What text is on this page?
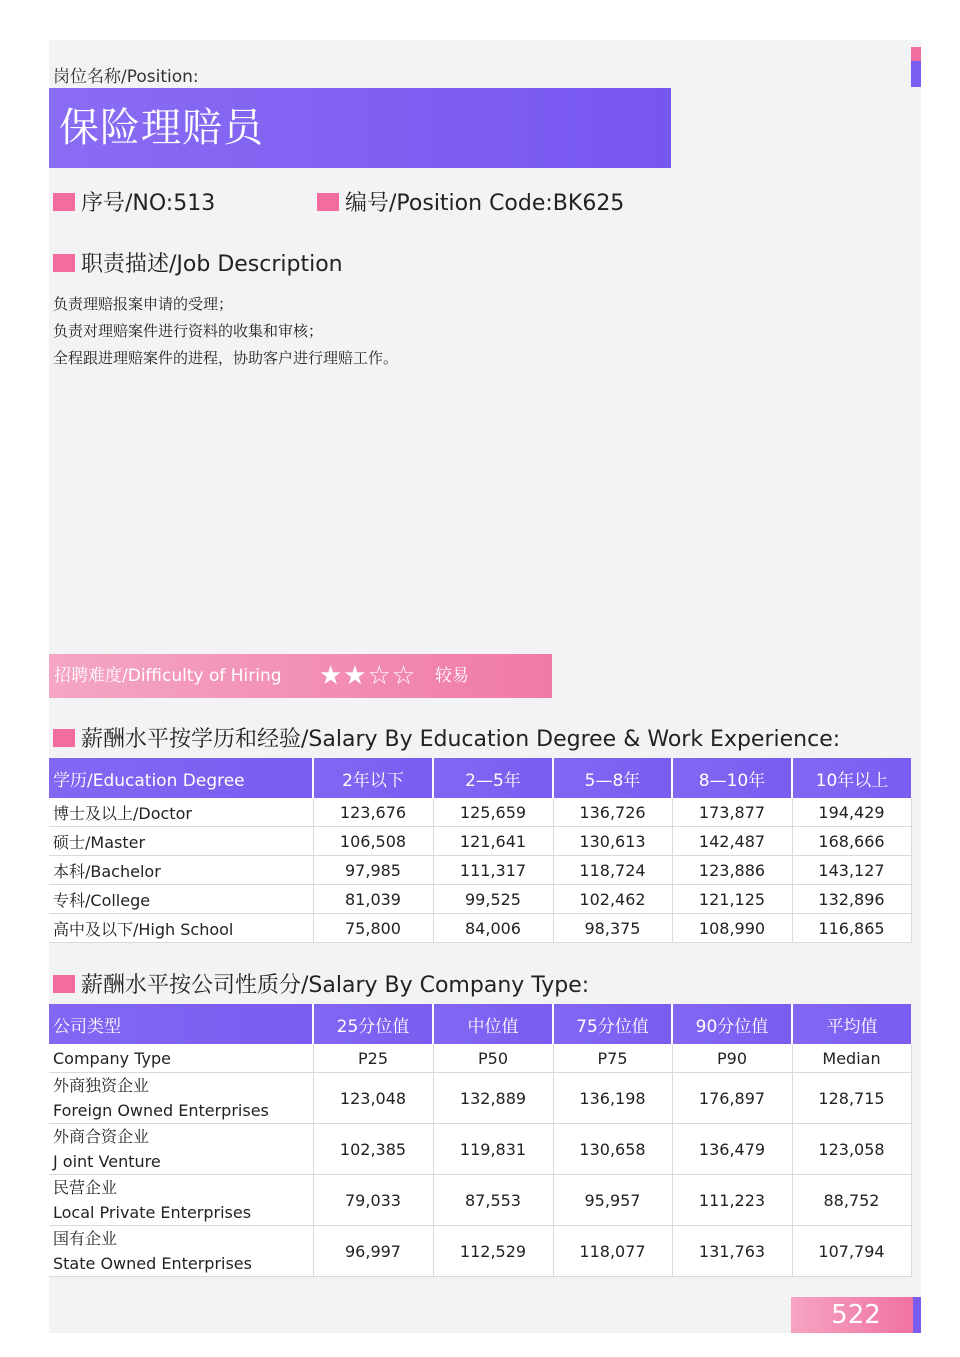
岗位名称/Position:
保险理赔员
序号/NO:513	编号/Position Code:BK625
职责描述/Job Description
负责理赔报案申请的受理；
负责对理赔案件进行资料的收集和审核；
全程跟进理赔案件的进程，协助客户进行理赔工作。
招聘难度/Difficulty of Hiring ★★☆☆ 较易
薪酬水平按学历和经验/Salary By Education Degree & Work Experience:
学历/Education Degree	2年以下	2—5年	5—8年	8—10年	10年以上
博士及以上/Doctor	123,676	125,659	136,726	173,877	194,429
硕士/Master	106,508	121,641	130,613	142,487	168,666
本科/Bachelor	97,985	111,317	118,724	123,886	143,127
专科/College	81,039	99,525	102,462	121,125	132,896
高中及以下/High School	75,800	84,006	98,375	108,990	116,865
薪酬水平按公司性质分/Salary By Company Type:
公司类型	25分位值	中位值	75分位值	90分位值	平均值
Company Type	P25	P50	P75	P90	Median

外商独资企业
Foreign Owned Enterprises	123,048	132,889	136,198	176,897	128,715

外商合资企业
J oint Venture	102,385	119,831	130,658	136,479	123,058

民营企业
Local Private Enterprises	79,033	87,553	95,957	111,223	88,752

国有企业
State Owned Enterprises	96,997	112,529	118,077	131,763	107,794
522
